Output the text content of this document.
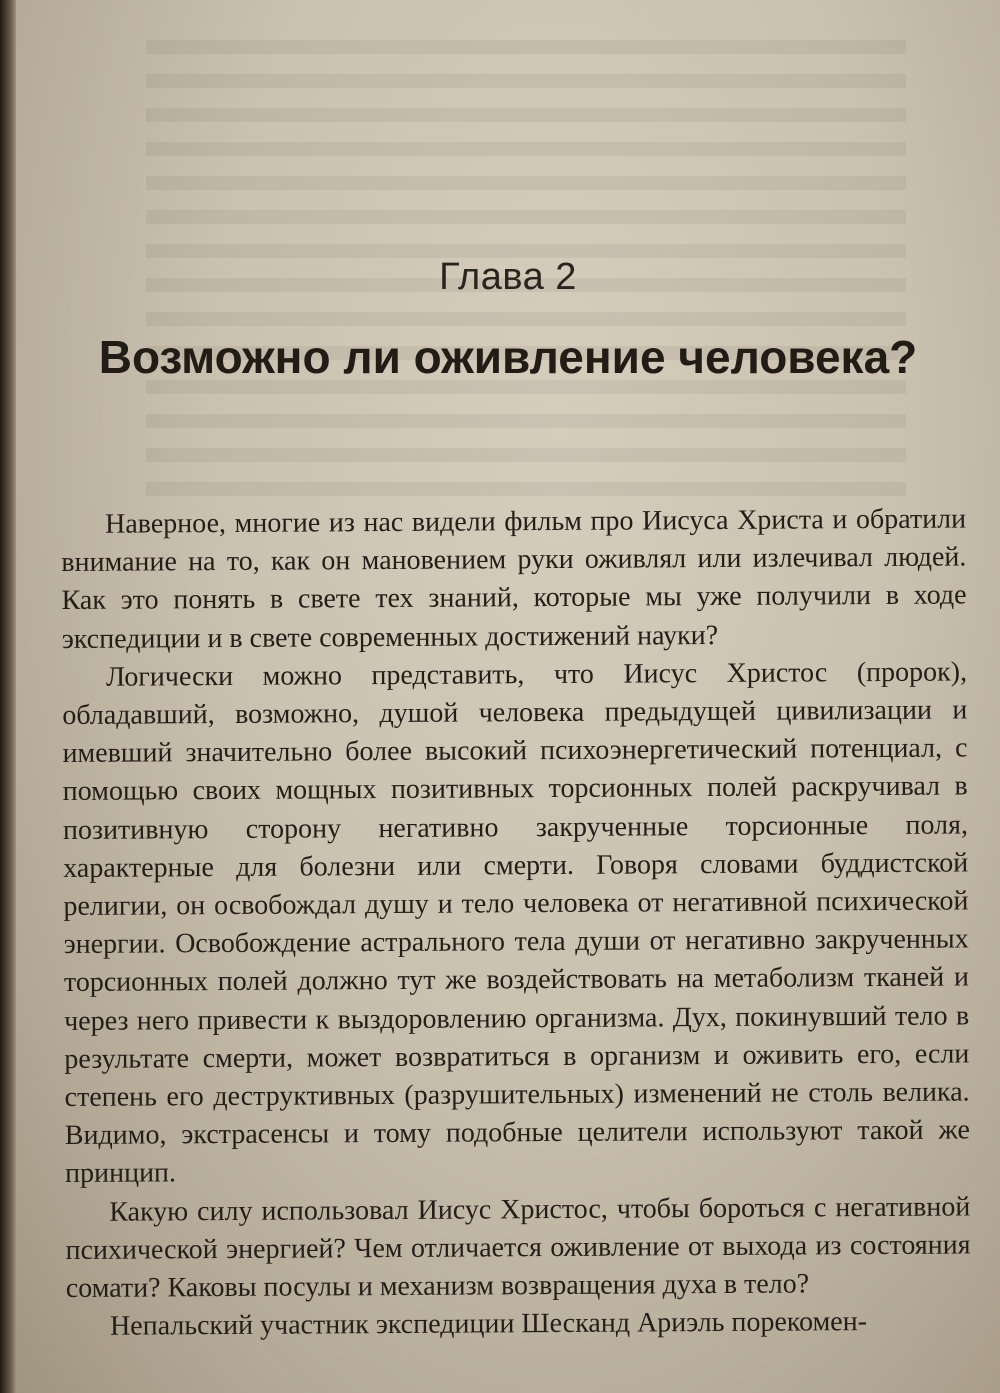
Глава 2
Возможно ли оживление человека?

Наверное, многие из нас видели фильм про Иисуса Христа и обратили внимание на то, как он мановением руки оживлял или излечивал людей. Как это понять в свете тех знаний, которые мы уже получили в ходе экспедиции и в свете современных достижений науки?

Логически можно представить, что Иисус Христос (пророк), обладавший, возможно, душой человека предыдущей цивилизации и имевший значительно более высокий психоэнергетический потенциал, с помощью своих мощных позитивных торсионных полей раскручивал в позитивную сторону негативно закрученные торсионные поля, характерные для болезни или смерти. Говоря словами буддистской религии, он освобождал душу и тело человека от негативной психической энергии. Освобождение астрального тела души от негативно закрученных торсионных полей должно тут же воздействовать на метаболизм тканей и через него привести к выздоровлению организма. Дух, покинувший тело в результате смерти, может возвратиться в организм и оживить его, если степень его деструктивных (разрушительных) изменений не столь велика. Видимо, экстрасенсы и тому подобные целители используют такой же принцип.

Какую силу использовал Иисус Христос, чтобы бороться с негативной психической энергией? Чем отличается оживление от выхода из состояния сомати? Каковы посулы и механизм возвращения духа в тело?

Непальский участник экспедиции Шесканд Ариэль порекомен-
